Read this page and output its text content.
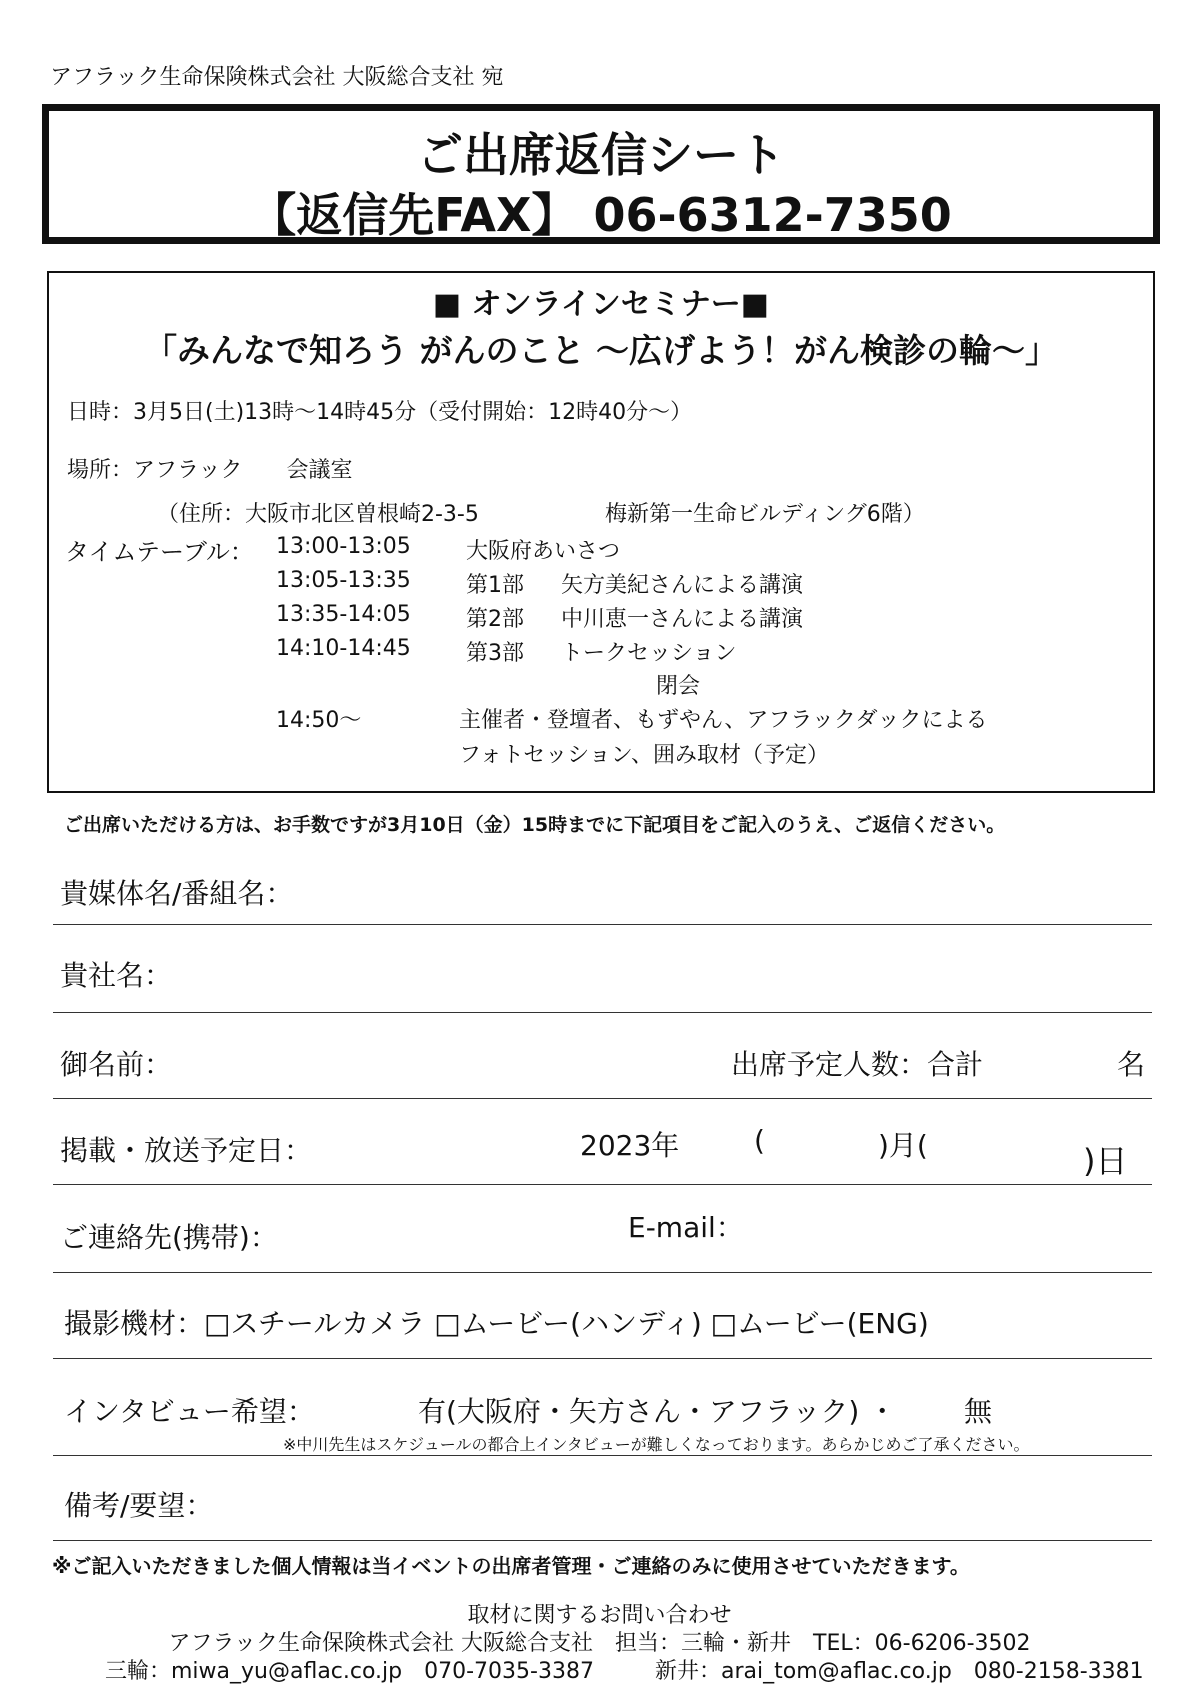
アフラック生命保険株式会社 大阪総合支社 宛
ご出席返信シート
【返信先FAX】 06-6312-7350
■ オンラインセミナー■
「みんなで知ろう がんのこと ～広げよう！がん検診の輪～」
日時：3月5日(土)13時～14時45分（受付開始：12時40分～）
場所：アフラック　　会議室
（住所：大阪市北区曽根崎2-3-5	梅新第一生命ビルディング6階）
タイムテーブル： 13:00-13:05	大阪府あいさつ
13:05-13:35	第1部 矢方美紀さんによる講演
13:35-14:05	第2部 中川恵一さんによる講演
14:10-14:45	第3部 トークセッション
閉会
14:50～	主催者・登壇者、もずやん、アフラックダックによる
フォトセッション、囲み取材（予定）
ご出席いただける方は、お手数ですが3月10日（金）15時までに下記項目をご記入のうえ、ご返信ください。
貴媒体名/番組名：
貴社名：
御名前：	出席予定人数：合計	名
掲載・放送予定日：	2023年	(	)月(	)日
ご連絡先(携帯)：	E-mail：
撮影機材：□スチールカメラ □ムービー(ハンディ) □ムービー(ENG)
インタビュー希望：	有(大阪府・矢方さん・アフラック) ・ 無
※中川先生はスケジュールの都合上インタビューが難しくなっております。あらかじめご了承ください。
備考/要望：
※ご記入いただきました個人情報は当イベントの出席者管理・ご連絡のみに使用させていただきます。
取材に関するお問い合わせ
アフラック生命保険株式会社 大阪総合支社　担当：三輪・新井　TEL：06-6206-3502
三輪：miwa_yu@aflac.co.jp　070-7035-3387	新井：arai_tom@aflac.co.jp　080-2158-3381
